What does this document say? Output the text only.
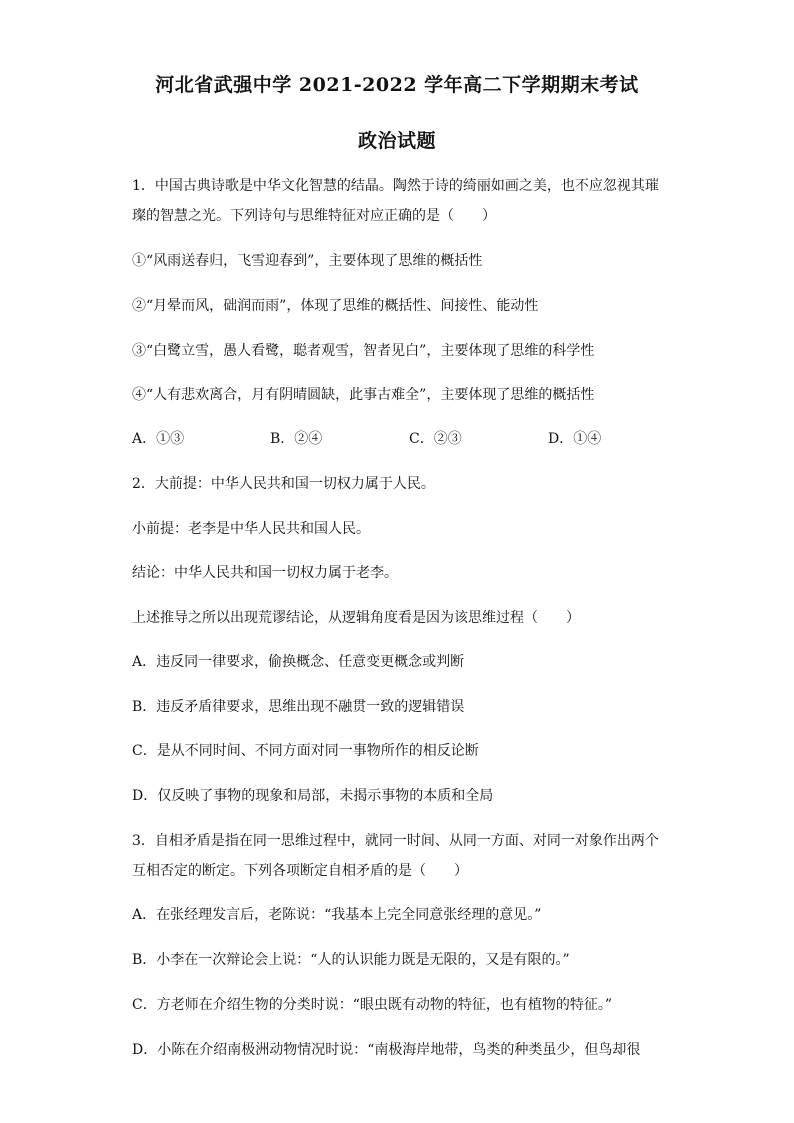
河北省武强中学 2021-2022 学年高二下学期期末考试
政治试题
1．中国古典诗歌是中华文化智慧的结晶。陶然于诗的绮丽如画之美，也不应忽视其璀
璨的智慧之光。下列诗句与思维特征对应正确的是（　　）
①“风雨送春归，飞雪迎春到”，主要体现了思维的概括性
②“月晕而风，础润而雨”，体现了思维的概括性、间接性、能动性
③“白鹭立雪，愚人看鹭，聪者观雪，智者见白”，主要体现了思维的科学性
④“人有悲欢离合，月有阴晴圆缺，此事古难全”，主要体现了思维的概括性
A．①③	B．②④	C．②③	D．①④
2．大前提：中华人民共和国一切权力属于人民。
小前提：老李是中华人民共和国人民。
结论：中华人民共和国一切权力属于老李。
上述推导之所以出现荒谬结论，从逻辑角度看是因为该思维过程（　　）
A．违反同一律要求，偷换概念、任意变更概念或判断
B．违反矛盾律要求，思维出现不融贯一致的逻辑错误
C．是从不同时间、不同方面对同一事物所作的相反论断
D．仅反映了事物的现象和局部，未揭示事物的本质和全局
3．自相矛盾是指在同一思维过程中，就同一时间、从同一方面、对同一对象作出两个
互相否定的断定。下列各项断定自相矛盾的是（　　）
A．在张经理发言后，老陈说：“我基本上完全同意张经理的意见。”
B．小李在一次辩论会上说：“人的认识能力既是无限的，又是有限的。”
C．方老师在介绍生物的分类时说：“眼虫既有动物的特征，也有植物的特征。”
D．小陈在介绍南极洲动物情况时说：“南极海岸地带，鸟类的种类虽少，但鸟却很
